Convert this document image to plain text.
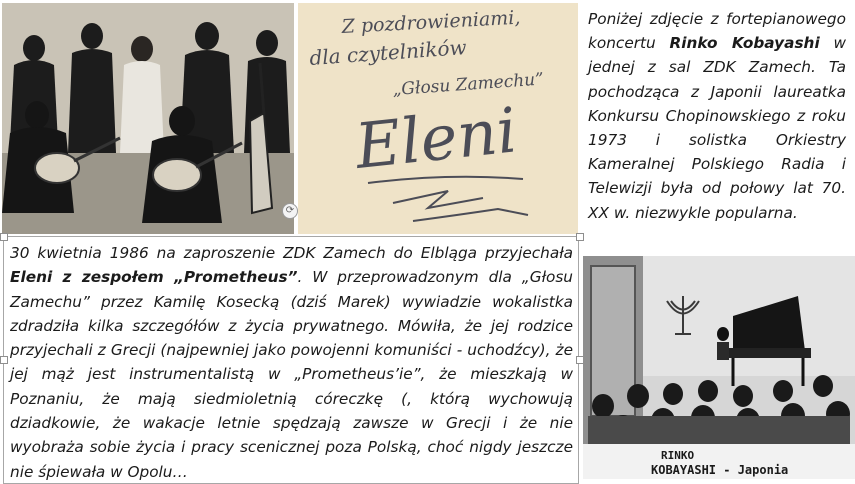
Z pozdrowieniami,
dla czytelników
„Głosu Zamechu”
Eleni
Poniżej zdjęcie z fortepianowego koncertu Rinko Kobayashi w jednej z sal ZDK Zamech. Ta pochodząca z Japonii laureatka Konkursu Chopinowskiego z roku 1973 i solistka Orkiestry Kameralnej Polskiego Radia i Telewizji była od połowy lat 70. XX w. niezwykle popularna.
30 kwietnia 1986 na zaproszenie ZDK Zamech do Elbląga przyjechała Eleni z zespołem „Prometheus”. W przeprowadzonym dla „Głosu Zamechu” przez Kamilę Kosecką (dziś Marek) wywiadzie wokalistka zdradziła kilka szczegółów z życia prywatnego. Mówiła, że jej rodzice przyjechali z Grecji (najpewniej jako powojenni komuniści - uchodźcy), że jej mąż jest instrumentalistą w „Prometheus’ie”, że mieszkają w Poznaniu, że mają siedmioletnią córeczkę (, którą wychowują dziadkowie, że wakacje letnie spędzają zawsze w Grecji i że nie wyobraża sobie życia i pracy scenicznej poza Polską, choć nigdy jeszcze nie śpiewała w Opolu…
⟳
RINKO
KOBAYASHI - Japonia
